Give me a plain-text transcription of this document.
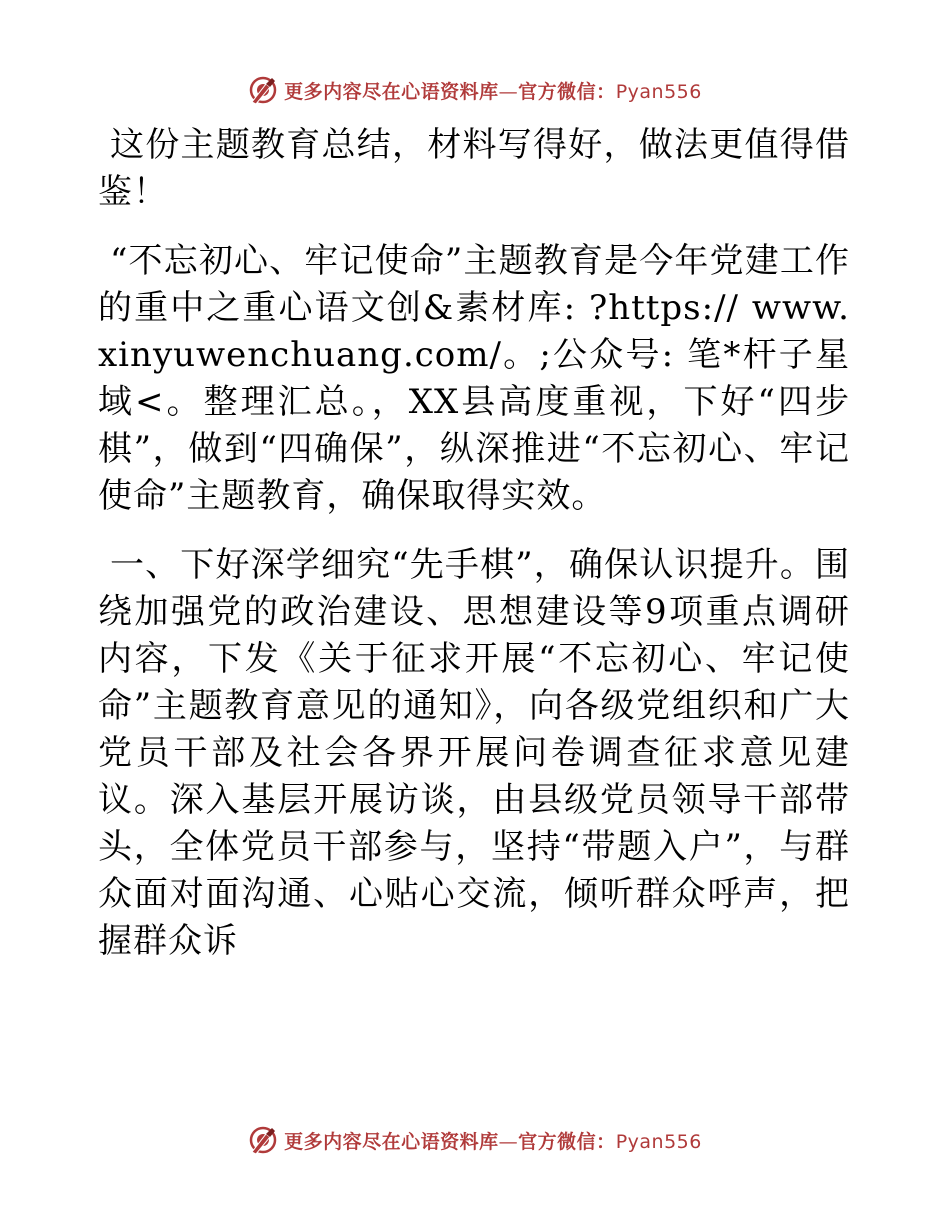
更多内容尽在心语资料库—官方微信：Pyan556

这份主题教育总结，材料写得好，做法更值得借鉴！

“不忘初心、牢记使命”主题教育是今年党建工作的重中之重心语文创&素材库: ?https:// www.xinyuwenchuang.com/。;公众号: 笔*杆子星域<。整理汇总。，XX县高度重视，下好“四步棋”，做到“四确保”，纵深推进“不忘初心、牢记使命”主题教育，确保取得实效。

一、下好深学细究“先手棋”，确保认识提升。围绕加强党的政治建设、思想建设等9项重点调研内容，下发《关于征求开展“不忘初心、牢记使命”主题教育意见的通知》，向各级党组织和广大党员干部及社会各界开展问卷调查征求意见建议。深入基层开展访谈，由县级党员领导干部带头，全体党员干部参与，坚持“带题入户”，与群众面对面沟通、心贴心交流，倾听群众呼声，把握群众诉

更多内容尽在心语资料库—官方微信：Pyan556
